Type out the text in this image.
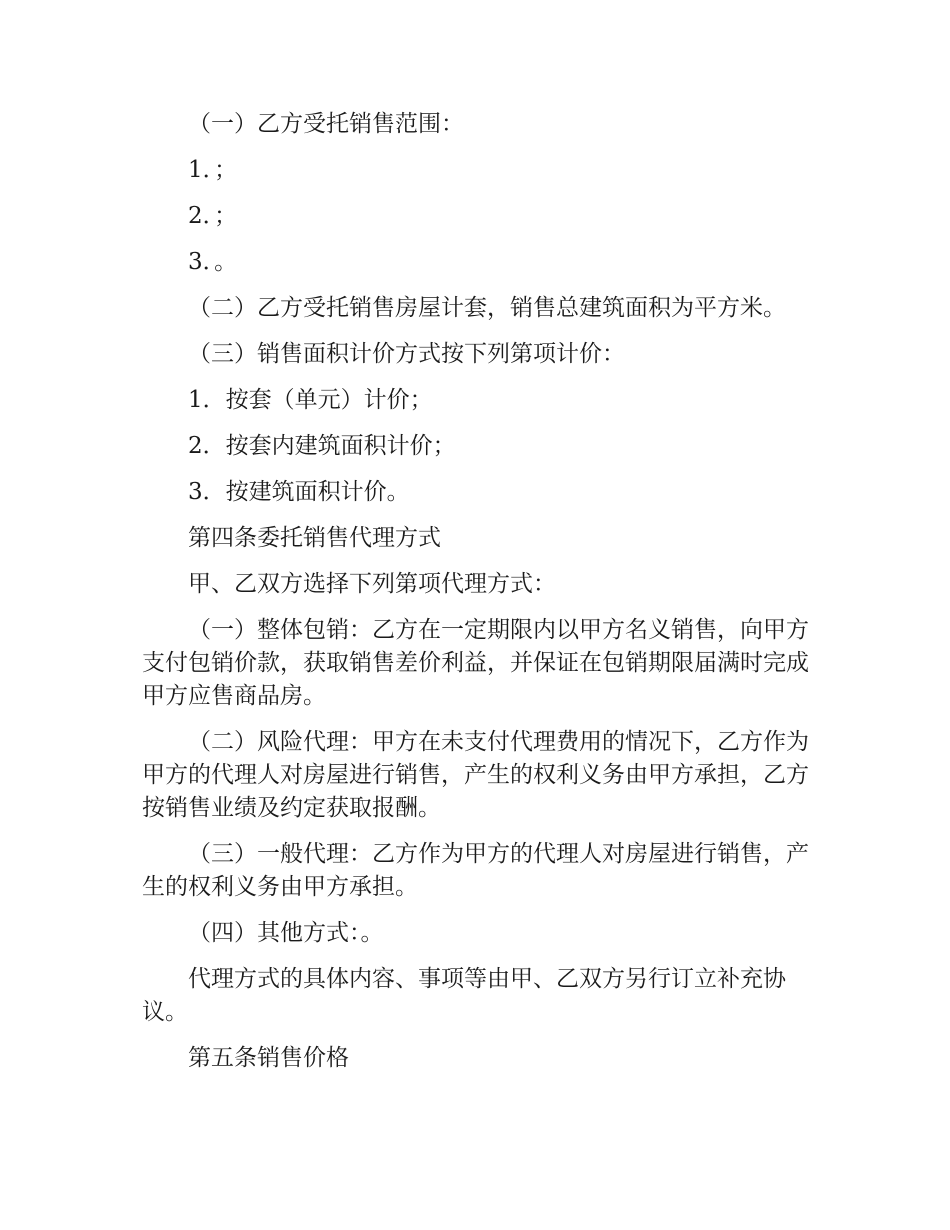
（一）乙方受托销售范围：

1．；

2．；

3．。

（二）乙方受托销售房屋计套，销售总建筑面积为平方米。

（三）销售面积计价方式按下列第项计价：

1．按套（单元）计价；

2．按套内建筑面积计价；

3．按建筑面积计价。

第四条委托销售代理方式

甲、乙双方选择下列第项代理方式：

（一）整体包销：乙方在一定期限内以甲方名义销售，向甲方支付包销价款，获取销售差价利益，并保证在包销期限届满时完成甲方应售商品房。

（二）风险代理：甲方在未支付代理费用的情况下，乙方作为甲方的代理人对房屋进行销售，产生的权利义务由甲方承担，乙方按销售业绩及约定获取报酬。

（三）一般代理：乙方作为甲方的代理人对房屋进行销售，产生的权利义务由甲方承担。

（四）其他方式：。

代理方式的具体内容、事项等由甲、乙双方另行订立补充协议。

第五条销售价格
